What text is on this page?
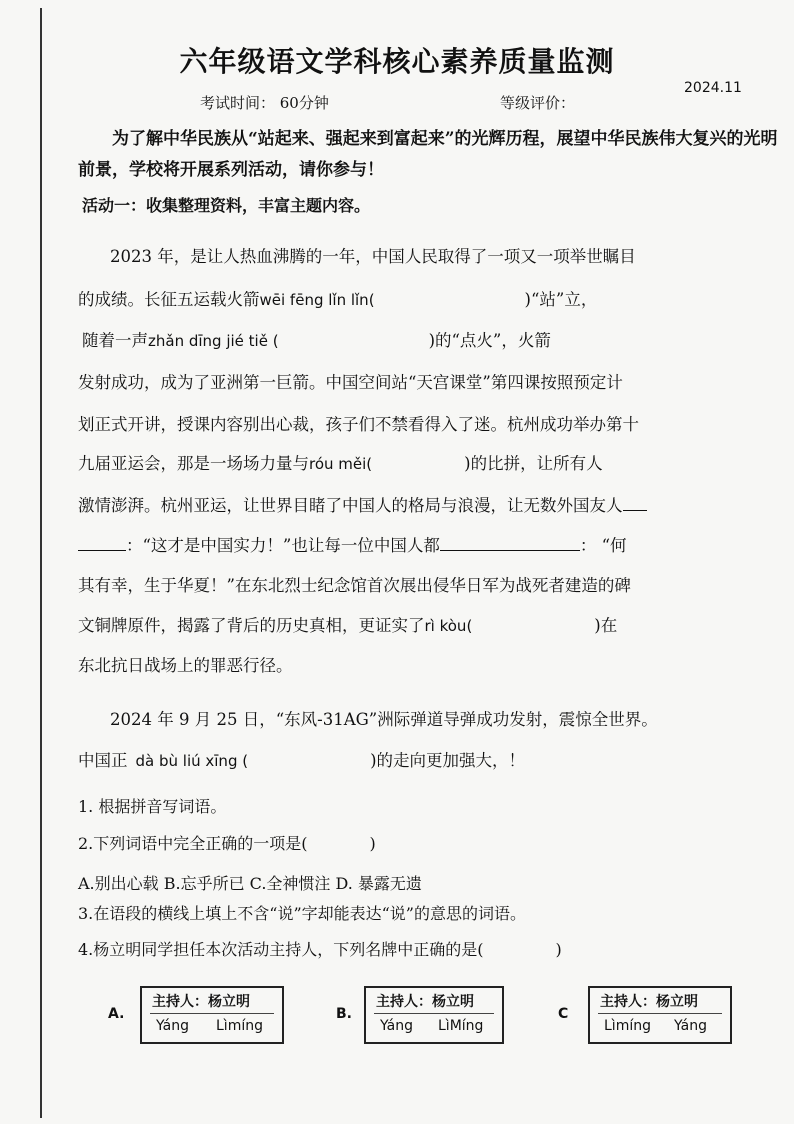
六年级语文学科核心素养质量监测
2024.11
考试时间： 60分钟	等级评价：
为了解中华民族从“站起来、强起来到富起来”的光辉历程，展望中华民族伟大复兴的光明前景，学校将开展系列活动，请你参与！
活动一：收集整理资料，丰富主题内容。
2023 年，是让人热血沸腾的一年，中国人民取得了一项又一项举世瞩目
的成绩。长征五运载火箭wēi fēng lǐn lǐn(	)“站”立，
随着一声zhǎn dīng jié tiě (	)的“点火”，火箭
发射成功，成为了亚洲第一巨箭。中国空间站“天宫课堂”第四课按照预定计
划正式开讲，授课内容别出心裁，孩子们不禁看得入了迷。杭州成功举办第十
九届亚运会，那是一场场力量与róu měi(	)的比拼，让所有人
激情澎湃。杭州亚运，让世界目睹了中国人的格局与浪漫，让无数外国友人
：“这才是中国实力！”也让每一位中国人都	： “何
其有幸，生于华夏！”在东北烈士纪念馆首次展出侵华日军为战死者建造的碑
文铜牌原件，揭露了背后的历史真相，更证实了rì kòu(	)在
东北抗日战场上的罪恶行径。
2024 年 9 月 25 日，“东风-31AG”洲际弹道导弹成功发射，震惊全世界。
中国正 dà bù liú xīng (	)的走向更加强大，！
1. 根据拼音写词语。
2.下列词语中完全正确的一项是(	)
A.别出心载 B.忘乎所已 C.全神惯注 D. 暴露无遗
3.在语段的横线上填上不含“说”字却能表达“说”的意思的词语。
4.杨立明同学担任本次活动主持人，下列名牌中正确的是(	)
A.
主持人：杨立明
Yáng Lìmíng
B.
主持人：杨立明
Yáng LìMíng
C
主持人：杨立明
Lìmíng Yáng
